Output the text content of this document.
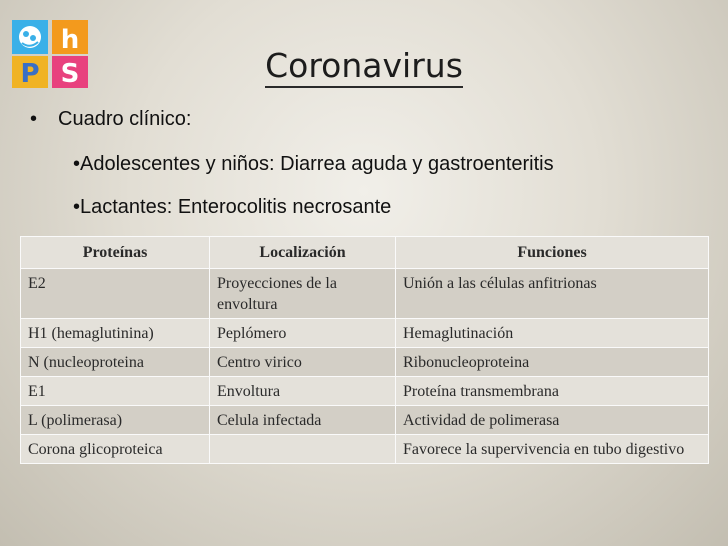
h
P S	Coronavirus
• Cuadro clínico:
•Adolescentes y niños: Diarrea aguda y gastroenteritis
•Lactantes: Enterocolitis necrosante
Proteínas	Localización	Funciones
E2	Proyecciones de la envoltura	Unión a las células anfitrionas
H1 (hemaglutinina)	Peplómero	Hemaglutinación
N (nucleoproteina	Centro virico	Ribonucleoproteina
E1	Envoltura	Proteína transmembrana
L (polimerasa)	Celula infectada	Actividad de polimerasa
Corona glicoproteica		Favorece la supervivencia en tubo digestivo
